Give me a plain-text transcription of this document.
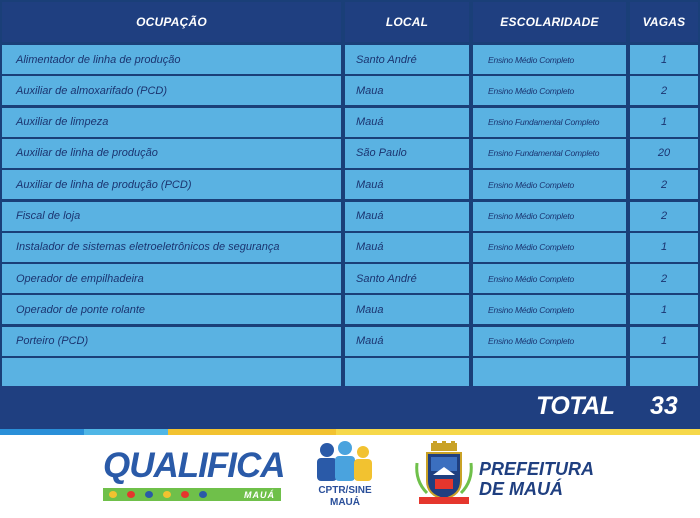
OCUPAÇÃO	LOCAL	ESCOLARIDADE	VAGAS
Alimentador de linha de produção	Santo André	Ensino Médio Completo	1
Auxiliar de almoxarifado (PCD)	Maua	Ensino Médio Completo	2
Auxiliar de limpeza	Mauá	Ensino Fundamental Completo	1
Auxiliar de linha de produção	São Paulo	Ensino Fundamental Completo	20
Auxiliar de linha de produção (PCD)	Mauá	Ensino Médio Completo	2
Fiscal de loja	Mauá	Ensino Médio Completo	2
Instalador de sistemas eletroeletrônicos de segurança	Mauá	Ensino Médio Completo	1
Operador de empilhadeira	Santo André	Ensino Médio Completo	2
Operador de ponte rolante	Maua	Ensino Médio Completo	1
Porteiro (PCD)	Mauá	Ensino Médio Completo	1
TOTAL 33
QUALIFICA
MAUÁ	CPTR/SINE
MAUÁ
PREFEITURA
DE MAUÁ
